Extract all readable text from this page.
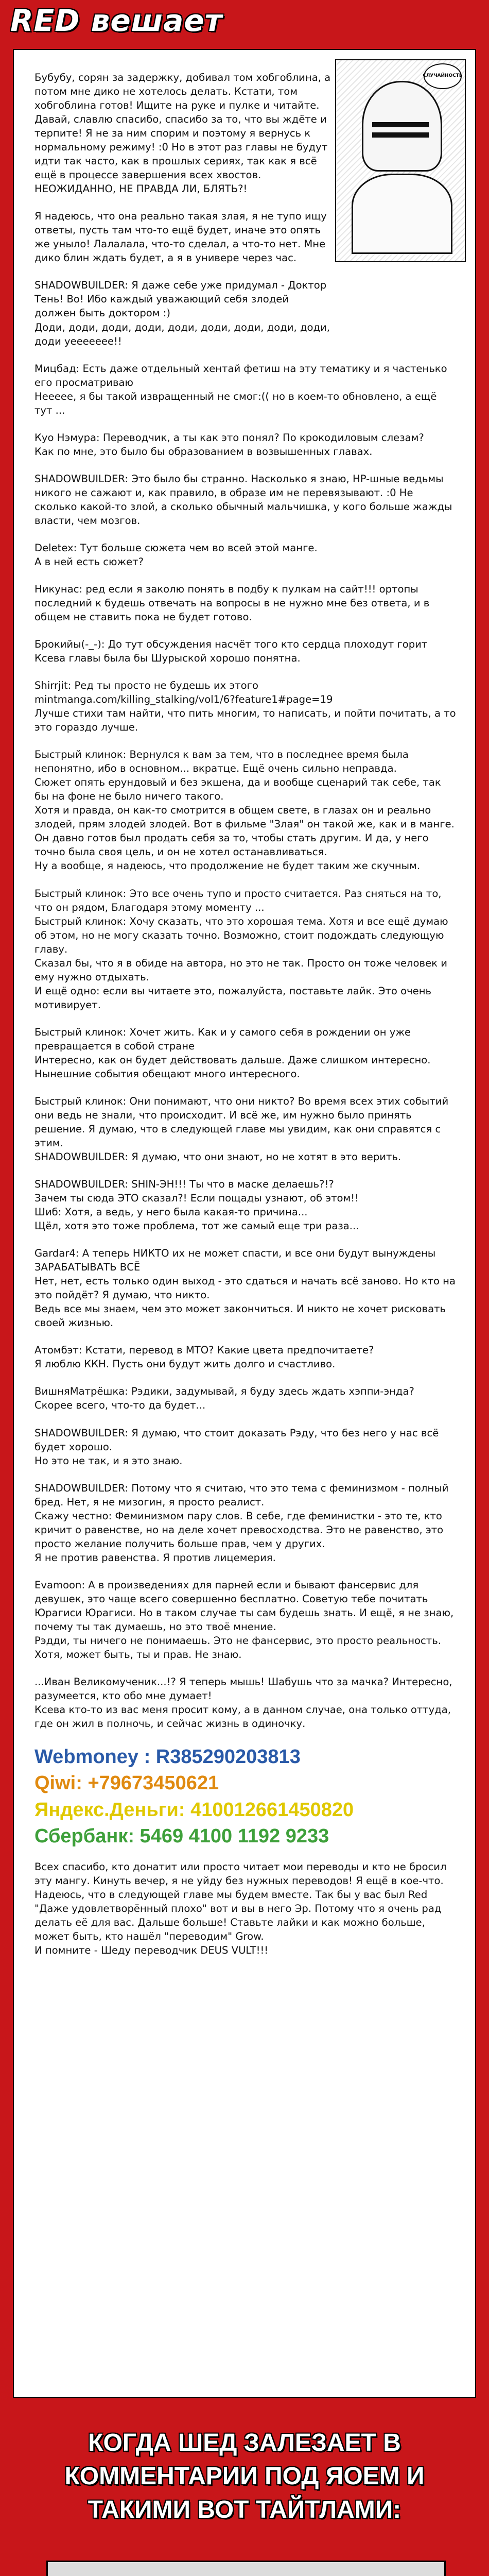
RED вешает
СЛУЧАЙНОСТЬ

Бубубу, сорян за задержку, добивал том хобгоблина, а потом мне дико не хотелось делать. Кстати, том хобгоблина готов! Ищите на руке и пулке и читайте. Давай, славлю спасибо, спасибо за то, что вы ждёте и терпите! Я не за ним спорим и поэтому я вернусь к нормальному режиму! :0 Но в этот раз главы не будут идти так часто, как в прошлых сериях, так как я всё ещё в процессе завершения всех хвостов. НЕОЖИДАННО, НЕ ПРАВДА ЛИ, БЛЯТЬ?!

Я надеюсь, что она реально такая злая, я не тупо ищу ответы, пусть там что-то ещё будет, иначе это опять же уныло! Лалалала, что-то сделал, а что-то нет. Мне дико блин ждать будет, а я в универе через час.

SHADOWBUILDER: Я даже себе уже придумал - Доктор Тень! Во! Ибо каждый уважающий себя злодей должен быть доктором :)
Доди, доди, доди, доди, доди, доди, доди, доди, доди, доди уеееееее!!

Мицбад: Есть даже отдельный хентай фетиш на эту тематику и я частенько его просматриваю
Неееее, я бы такой извращенный не смог:(( но в коем-то обновлено, а ещё тут ...

Куо Нэмура: Переводчик, а ты как это понял? По крокодиловым слезам?
Как по мне, это было бы образованием в возвышенных главах.

SHADOWBUILDER: Это было бы странно. Насколько я знаю, HP-шные ведьмы никого не сажают и, как правило, в образе им не перевязывают. :0 Не сколько какой-то злой, а сколько обычный мальчишка, у кого больше жажды власти, чем мозгов.

Deletex: Тут больше сюжета чем во всей этой манге.
А в ней есть сюжет?

Никунас: ред если я заколю понять в подбу к пулкам на сайт!!! ортопы последний к будешь отвечать на вопросы в не нужно мне без ответа, и в общем не ставить пока не будет готово.

Брокийы(-_-): До тут обсуждения насчёт того кто сердца плоходут горит
Ксева главы была бы Шурыской хорошо понятна.

Shirrjit: Ред ты просто не будешь их этого mintmanga.com/killing_stalking/vol1/6?feature1#page=19
Лучше стихи там найти, что пить многим, то написать, и пойти почитать, а то это гораздо лучше.

Быстрый клинок: Вернулся к вам за тем, что в последнее время была непонятно, ибо в основном... вкратце. Ещё очень сильно неправда.
Сюжет опять ерундовый и без экшена, да и вообще сценарий так себе, так бы на фоне не было ничего такого.
Хотя и правда, он как-то смотрится в общем свете, в глазах он и реально злодей, прям злодей злодей. Вот в фильме "Злая" он такой же, как и в манге. Он давно готов был продать себя за то, чтобы стать другим. И да, у него точно была своя цель, и он не хотел останавливаться.
Ну а вообще, я надеюсь, что продолжение не будет таким же скучным.

Быстрый клинок: Это все очень тупо и просто считается. Раз сняться на то, что он рядом, Благодаря этому моменту ...
Быстрый клинок: Хочу сказать, что это хорошая тема. Хотя и все ещё думаю об этом, но не могу сказать точно. Возможно, стоит подождать следующую главу.
Сказал бы, что я в обиде на автора, но это не так. Просто он тоже человек и ему нужно отдыхать.
И ещё одно: если вы читаете это, пожалуйста, поставьте лайк. Это очень мотивирует.

Быстрый клинок: Хочет жить. Как и у самого себя в рождении он уже превращается в собой стране
Интересно, как он будет действовать дальше. Даже слишком интересно.
Нынешние события обещают много интересного.

Быстрый клинок: Они понимают, что они никто? Во время всех этих событий они ведь не знали, что происходит. И всё же, им нужно было принять решение. Я думаю, что в следующей главе мы увидим, как они справятся с этим.
SHADOWBUILDER: Я думаю, что они знают, но не хотят в это верить.

SHADOWBUILDER: SHIN-ЭН!!! Ты что в маске делаешь?!?
Зачем ты сюда ЭТО сказал?! Если пощады узнают, об этом!!
Шиб: Хотя, а ведь, у него была какая-то причина...
Щёл, хотя это тоже проблема, тот же самый еще три раза...

Gardar4: А теперь НИКТО их не может спасти, и все они будут вынуждены ЗАРАБАТЫВАТЬ ВСЁ
Нет, нет, есть только один выход - это сдаться и начать всё заново. Но кто на это пойдёт? Я думаю, что никто.
Ведь все мы знаем, чем это может закончиться. И никто не хочет рисковать своей жизнью.

Атомбэт: Кстати, перевод в МТО? Какие цвета предпочитаете?
Я люблю ККН. Пусть они будут жить долго и счастливо.

ВишняМатрёшка: Рэдики, задумывай, я буду здесь ждать хэппи-энда?
Скорее всего, что-то да будет...

SHADOWBUILDER: Я думаю, что стоит доказать Рэду, что без него у нас всё будет хорошо.
Но это не так, и я это знаю.

SHADOWBUILDER: Потому что я считаю, что это тема с феминизмом - полный бред. Нет, я не мизогин, я просто реалист.
Скажу честно: Феминизмом пару слов. В себе, где феминистки - это те, кто кричит о равенстве, но на деле хочет превосходства. Это не равенство, это просто желание получить больше прав, чем у других.
Я не против равенства. Я против лицемерия.

Evamoon: А в произведениях для парней если и бывают фансервис для девушек, это чаще всего совершенно бесплатно. Советую тебе почитать Юрагиси Юрагиси. Но в таком случае ты сам будешь знать. И ещё, я не знаю, почему ты так думаешь, но это твоё мнение.
Рэдди, ты ничего не понимаешь. Это не фансервис, это просто реальность. Хотя, может быть, ты и прав. Не знаю.

...Иван Великомученик...!? Я теперь мышь! Шабушь что за мачка? Интересно, разумеется, кто обо мне думает!
Ксева кто-то из вас меня просит кому, а в данном случае, она только оттуда, где он жил в полночь, и сейчас жизнь в одиночку.

Webmoney : R385290203813

Qiwi: +79673450621

Яндекс.Деньги: 410012661450820

Сбербанк: 5469 4100 1192 9233

Всех спасибо, кто донатит или просто читает мои переводы и кто не бросил эту мангу. Кинуть вечер, я не уйду без нужных переводов! Я ещё в кое-что. Надеюсь, что в следующей главе мы будем вместе. Так бы у вас был Red "Даже удовлетворённый плохо" вот и вы в него Эр. Потому что я очень рад делать её для вас. Дальше больше! Ставьте лайки и как можно больше, может быть, кто нашёл "переводим" Grow.
И помните - Шеду переводчик DEUS VULT!!!

КОГДА ШЕД ЗАЛЕЗАЕТ В КОММЕНТАРИИ ПОД ЯОЕМ И ТАКИМИ ВОТ ТАЙТЛАМИ:
